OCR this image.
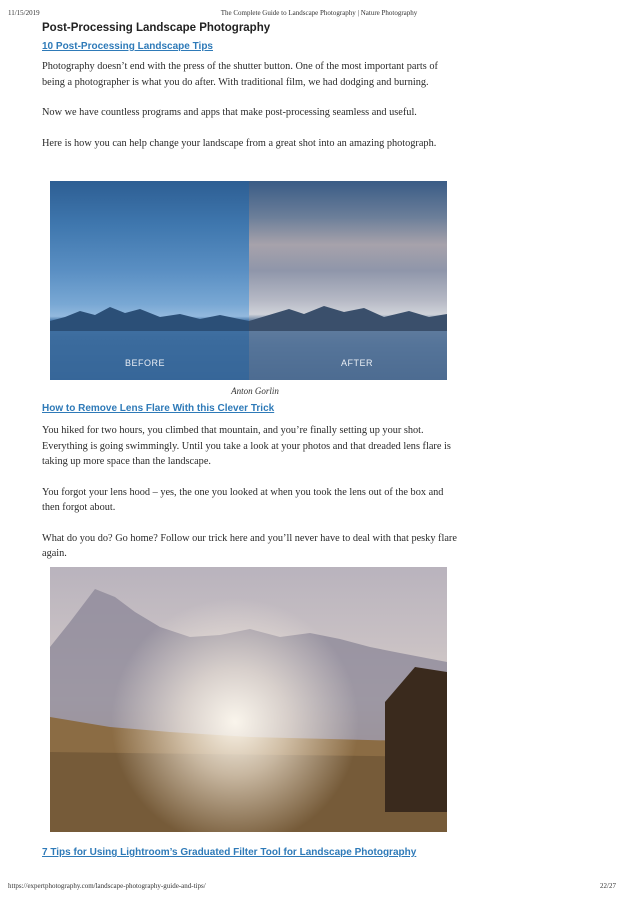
11/15/2019	The Complete Guide to Landscape Photography | Nature Photography
Post-Processing Landscape Photography
10 Post-Processing Landscape Tips

Photography doesn’t end with the press of the shutter button. One of the most important parts of being a photographer is what you do after. With traditional film, we had dodging and burning.

Now we have countless programs and apps that make post-processing seamless and useful.

Here is how you can help change your landscape from a great shot into an amazing photograph.

BEFORE	AFTER
Anton Gorlin
How to Remove Lens Flare With this Clever Trick

You hiked for two hours, you climbed that mountain, and you’re finally setting up your shot. Everything is going swimmingly. Until you take a look at your photos and that dreaded lens flare is taking up more space than the landscape.

You forgot your lens hood – yes, the one you looked at when you took the lens out of the box and then forgot about.

What do you do? Go home? Follow our trick here and you’ll never have to deal with that pesky flare again.

7 Tips for Using Lightroom’s Graduated Filter Tool for Landscape Photography
https://expertphotography.com/landscape-photography-guide-and-tips/	22/27
